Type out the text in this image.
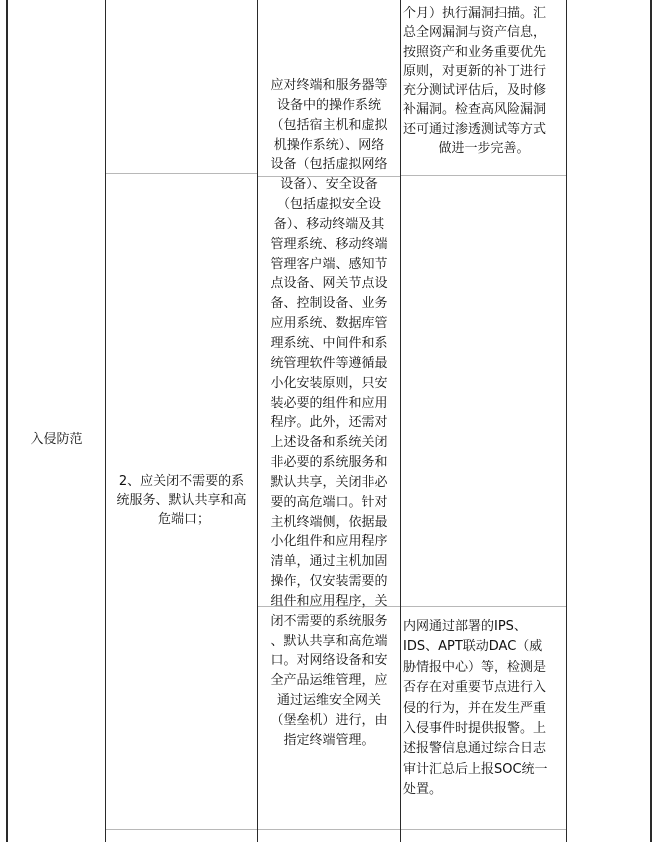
入侵防范
2、应关闭不需要的系
统服务、默认共享和高
危端口；
应对终端和服务器等
设备中的操作系统
（包括宿主机和虚拟
机操作系统）、网络
设备（包括虚拟网络
设备）、安全设备
（包括虚拟安全设
备）、移动终端及其
管理系统、移动终端
管理客户端、感知节
点设备、网关节点设
备、控制设备、业务
应用系统、数据库管
理系统、中间件和系
统管理软件等遵循最
小化安装原则，只安
装必要的组件和应用
程序。此外，还需对
上述设备和系统关闭
非必要的系统服务和
默认共享，关闭非必
要的高危端口。针对
主机终端侧，依据最
小化组件和应用程序
清单，通过主机加固
操作，仅安装需要的
组件和应用程序，关
闭不需要的系统服务
、默认共享和高危端
口。对网络设备和安
全产品运维管理，应
通过运维安全网关
（堡垒机）进行，由
指定终端管理。
个月）执行漏洞扫描。汇
总全网漏洞与资产信息，
按照资产和业务重要优先
原则，对更新的补丁进行
充分测试评估后，及时修
补漏洞。检查高风险漏洞
还可通过渗透测试等方式
做进一步完善。
内网通过部署的IPS、
IDS、APT联动DAC（威
胁情报中心）等，检测是
否存在对重要节点进行入
侵的行为，并在发生严重
入侵事件时提供报警。上
述报警信息通过综合日志
审计汇总后上报SOC统一
处置。
